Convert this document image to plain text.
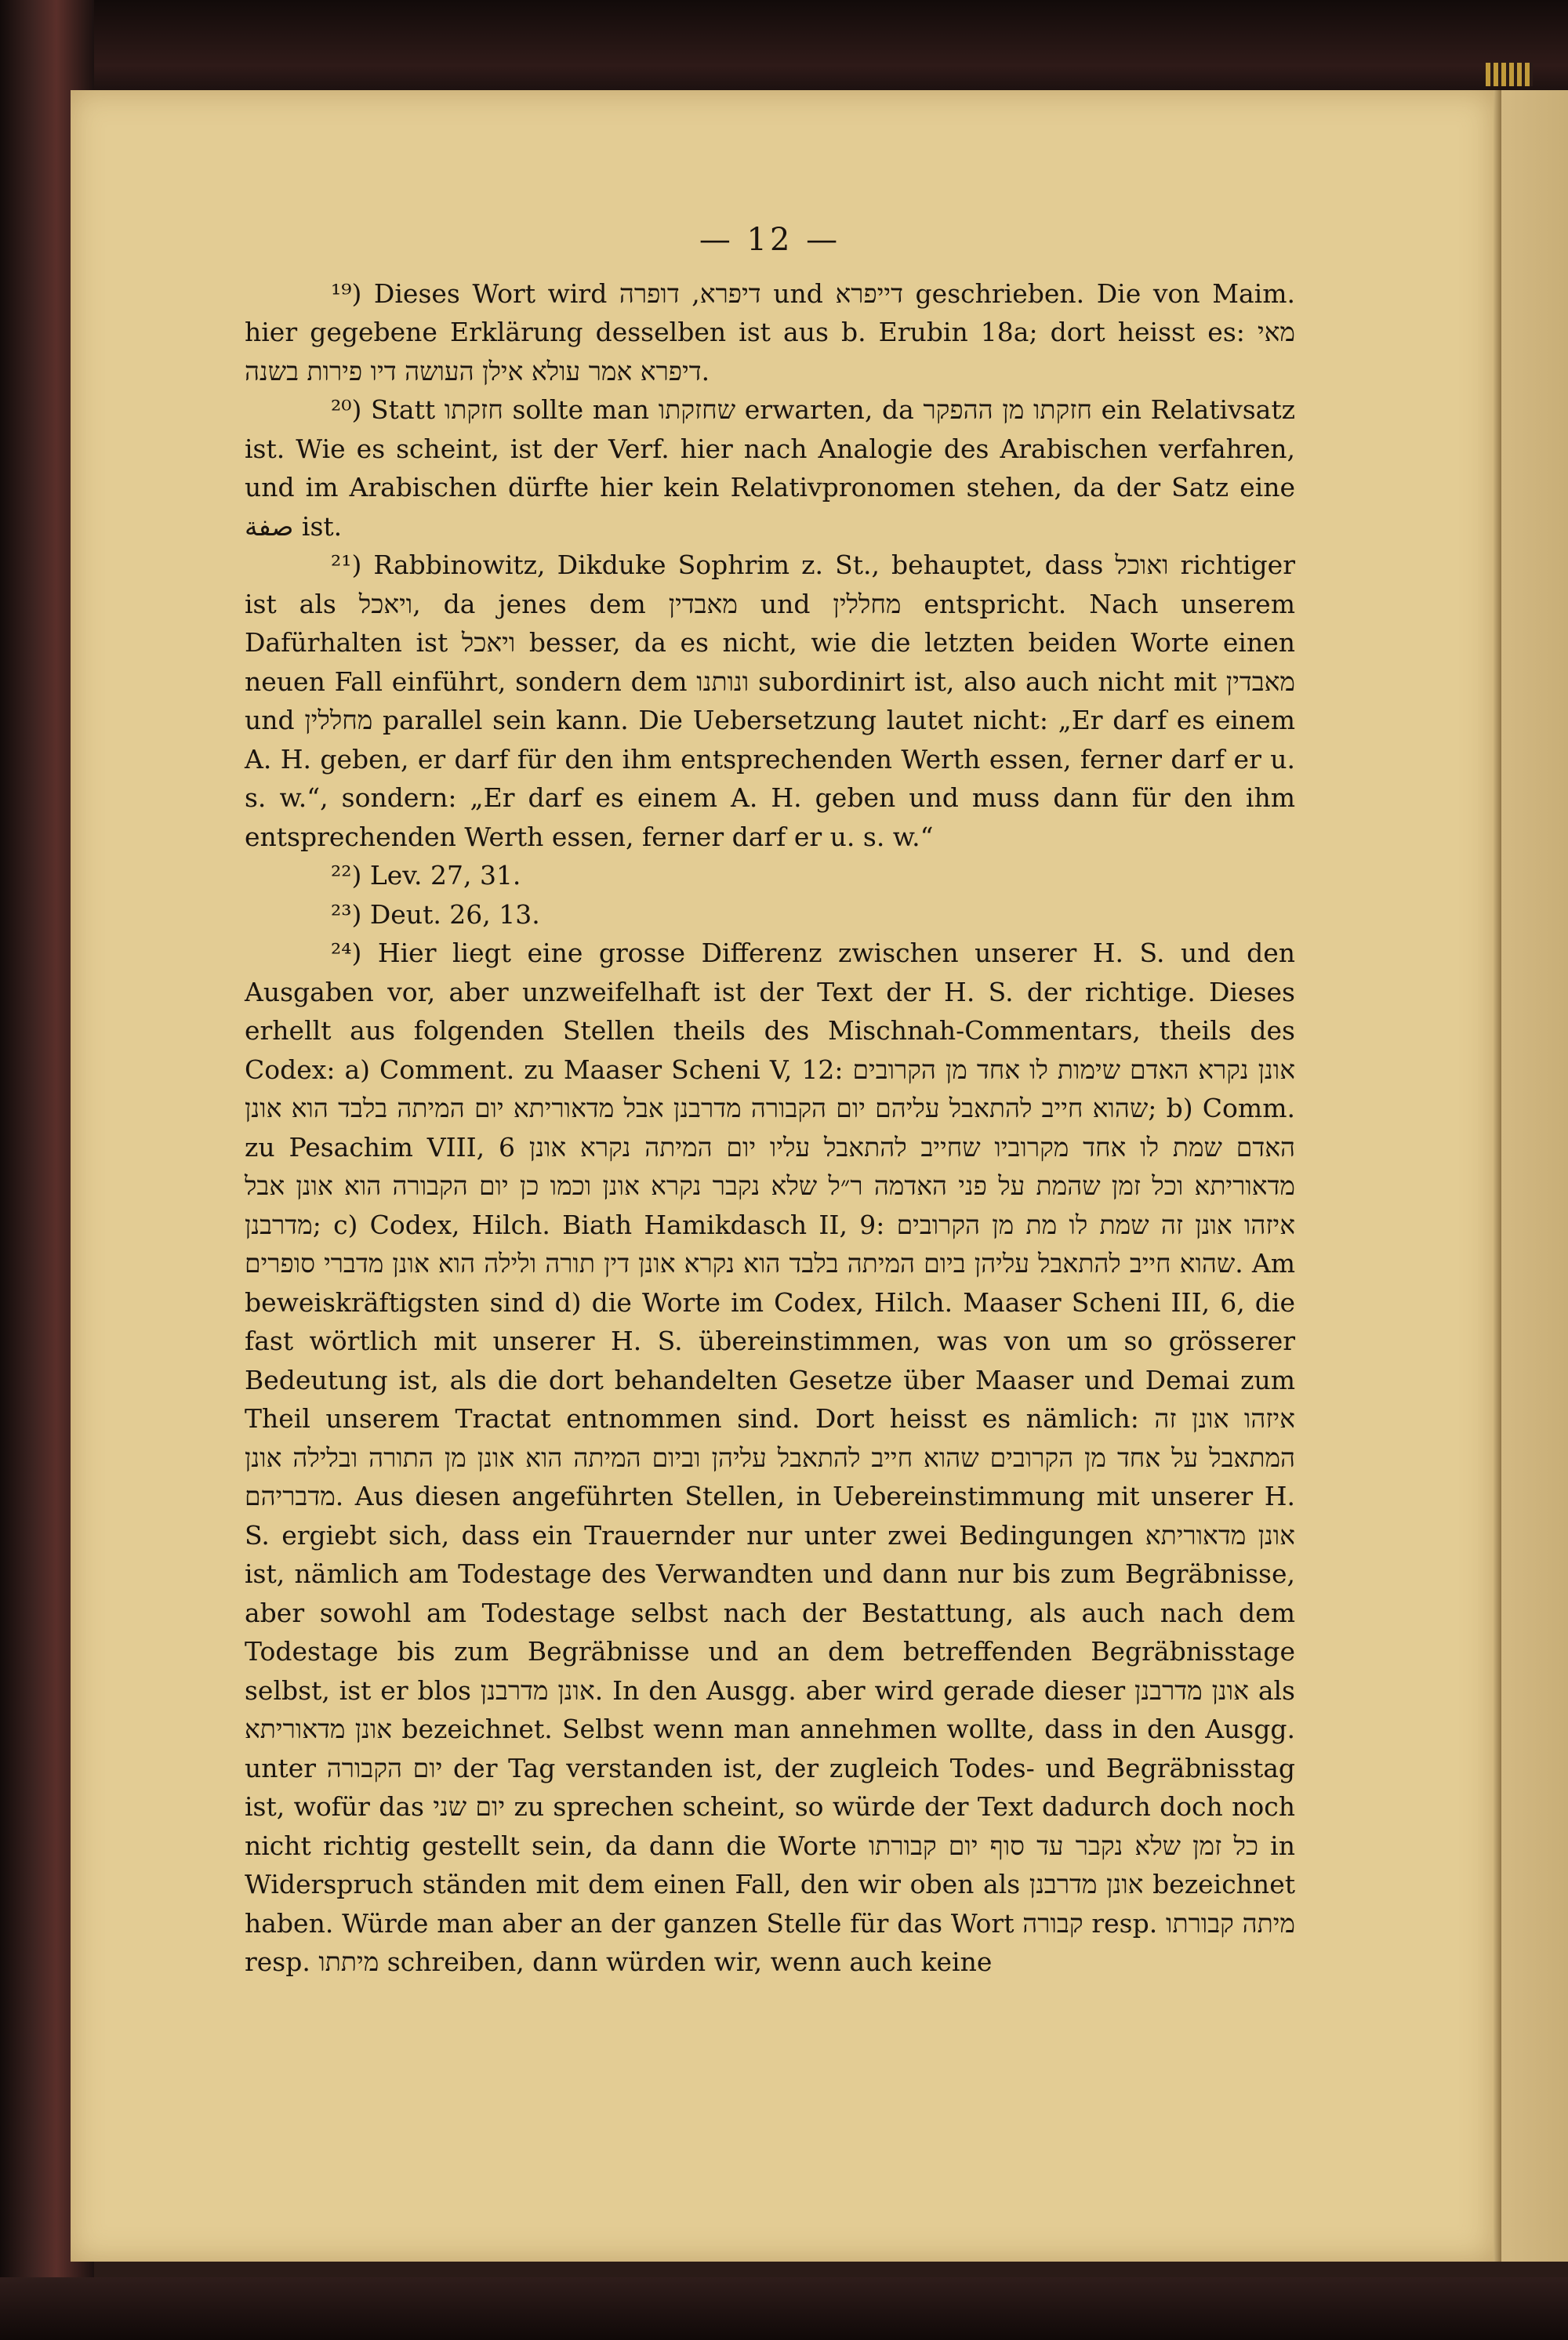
— 12 —

¹⁹) Dieses Wort wird דיפרא, דופרה und דייפרא geschrieben. Die von Maim. hier gegebene Erklärung desselben ist aus b. Erubin 18a; dort heisst es: מאי דיפרא אמר עולא אילן העושה דיו פירות בשנה.

²⁰) Statt חזקתו sollte man שחזקתו erwarten, da חזקתו מן ההפקר ein Relativsatz ist. Wie es scheint, ist der Verf. hier nach Analogie des Arabischen verfahren, und im Arabischen dürfte hier kein Relativpronomen stehen, da der Satz eine صفة ist.

²¹) Rabbinowitz, Dikduke Sophrim z. St., behauptet, dass ואוכל richtiger ist als ויאכל, da jenes dem מאבדין und מחללין entspricht. Nach unserem Dafürhalten ist ויאכל besser, da es nicht, wie die letzten beiden Worte einen neuen Fall einführt, sondern dem ונותנו subordinirt ist, also auch nicht mit מאבדין und מחללין parallel sein kann. Die Uebersetzung lautet nicht: „Er darf es einem A. H. geben, er darf für den ihm entsprechenden Werth essen, ferner darf er u. s. w.“, sondern: „Er darf es einem A. H. geben und muss dann für den ihm entsprechenden Werth essen, ferner darf er u. s. w.“

²²) Lev. 27, 31.

²³) Deut. 26, 13.

²⁴) Hier liegt eine grosse Differenz zwischen unserer H. S. und den Ausgaben vor, aber unzweifelhaft ist der Text der H. S. der richtige. Dieses erhellt aus folgenden Stellen theils des Mischnah-Commentars, theils des Codex: a) Comment. zu Maaser Scheni V, 12: אונן נקרא האדם שימות לו אחד מן הקרובים שהוא חייב להתאבל עליהם יום הקבורה מדרבנן אבל מדאוריתא יום המיתה בלבד הוא אונן; b) Comm. zu Pesachim VIII, 6 האדם שמת לו אחד מקרוביו שחייב להתאבל עליו יום המיתה נקרא אונן מדאוריתא וכל זמן שהמת על פני האדמה ר״ל שלא נקבר נקרא אונן וכמו כן יום הקבורה הוא אונן אבל מדרבנן; c) Codex, Hilch. Biath Hamikdasch II, 9: איזהו אונן זה שמת לו מת מן הקרובים שהוא חייב להתאבל עליהן ביום המיתה בלבד הוא נקרא אונן דין תורה ולילה הוא אונן מדברי סופרים. Am beweiskräftigsten sind d) die Worte im Codex, Hilch. Maaser Scheni III, 6, die fast wörtlich mit unserer H. S. übereinstimmen, was von um so grösserer Bedeutung ist, als die dort behandelten Gesetze über Maaser und Demai zum Theil unserem Tractat entnommen sind. Dort heisst es nämlich: איזהו אונן זה המתאבל על אחד מן הקרובים שהוא חייב להתאבל עליהן וביום המיתה הוא אונן מן התורה ובלילה אונן מדבריהם. Aus diesen angeführten Stellen, in Uebereinstimmung mit unserer H. S. ergiebt sich, dass ein Trauernder nur unter zwei Bedingungen אונן מדאוריתא ist, nämlich am Todestage des Verwandten und dann nur bis zum Begräbnisse, aber sowohl am Todestage selbst nach der Bestattung, als auch nach dem Todestage bis zum Begräbnisse und an dem betreffenden Begräbnisstage selbst, ist er blos אונן מדרבנן. In den Ausgg. aber wird gerade dieser אונן מדרבנן als אונן מדאוריתא bezeichnet. Selbst wenn man annehmen wollte, dass in den Ausgg. unter יום הקבורה der Tag verstanden ist, der zugleich Todes- und Begräbnisstag ist, wofür das יום שני zu sprechen scheint, so würde der Text dadurch doch noch nicht richtig gestellt sein, da dann die Worte כל זמן שלא נקבר עד סוף יום קבורתו in Widerspruch ständen mit dem einen Fall, den wir oben als אונן מדרבנן bezeichnet haben. Würde man aber an der ganzen Stelle für das Wort קבורה resp. מיתה קבורתו resp. מיתתו schreiben, dann würden wir, wenn auch keine
